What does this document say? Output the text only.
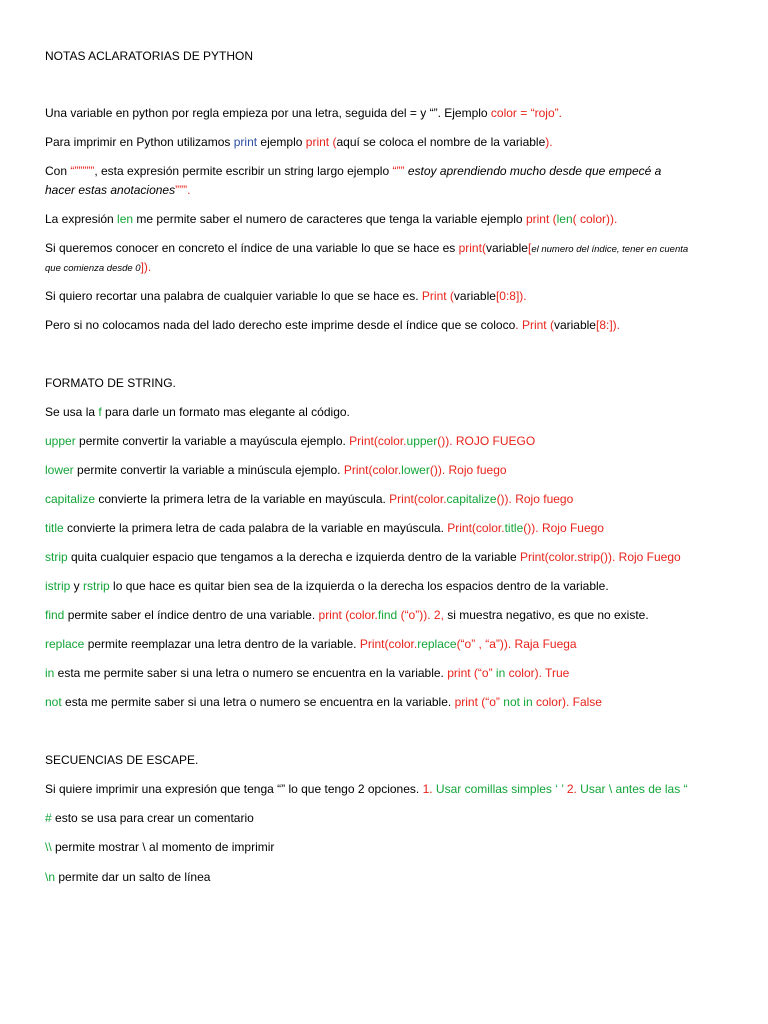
NOTAS ACLARATORIAS DE PYTHON
Una variable en python por regla empieza por una letra, seguida del = y “”. Ejemplo color = “rojo”.
Para imprimir en Python utilizamos print ejemplo print (aquí se coloca el nombre de la variable).
Con “”””””, esta expresión permite escribir un string largo ejemplo “”” estoy aprendiendo mucho desde que empecé a
hacer estas anotaciones”””.
La expresión len me permite saber el numero de caracteres que tenga la variable ejemplo print (len( color)).
Si queremos conocer en concreto el índice de una variable lo que se hace es print(variable[el numero del índice, tener en cuenta
que comienza desde 0]).
Si quiero recortar una palabra de cualquier variable lo que se hace es. Print (variable[0:8]).
Pero si no colocamos nada del lado derecho este imprime desde el índice que se coloco. Print (variable[8:]).
FORMATO DE STRING.
Se usa la f para darle un formato mas elegante al código.
upper permite convertir la variable a mayúscula ejemplo. Print(color.upper()). ROJO FUEGO
lower permite convertir la variable a minúscula ejemplo. Print(color.lower()). Rojo fuego
capitalize convierte la primera letra de la variable en mayúscula. Print(color.capitalize()). Rojo fuego
title convierte la primera letra de cada palabra de la variable en mayúscula. Print(color.title()). Rojo Fuego
strip quita cualquier espacio que tengamos a la derecha e izquierda dentro de la variable Print(color.strip()). Rojo Fuego
istrip y rstrip lo que hace es quitar bien sea de la izquierda o la derecha los espacios dentro de la variable.
find permite saber el índice dentro de una variable. print (color.find (“o”)). 2, si muestra negativo, es que no existe.
replace permite reemplazar una letra dentro de la variable. Print(color.replace(“o” , “a”)). Raja Fuega
in esta me permite saber si una letra o numero se encuentra en la variable. print (“o” in color). True
not esta me permite saber si una letra o numero se encuentra en la variable. print (“o” not in color). False
SECUENCIAS DE ESCAPE.
Si quiere imprimir una expresión que tenga “” lo que tengo 2 opciones. 1. Usar comillas simples ‘ ’ 2. Usar \ antes de las “
# esto se usa para crear un comentario
\\ permite mostrar \ al momento de imprimir
\n permite dar un salto de línea
